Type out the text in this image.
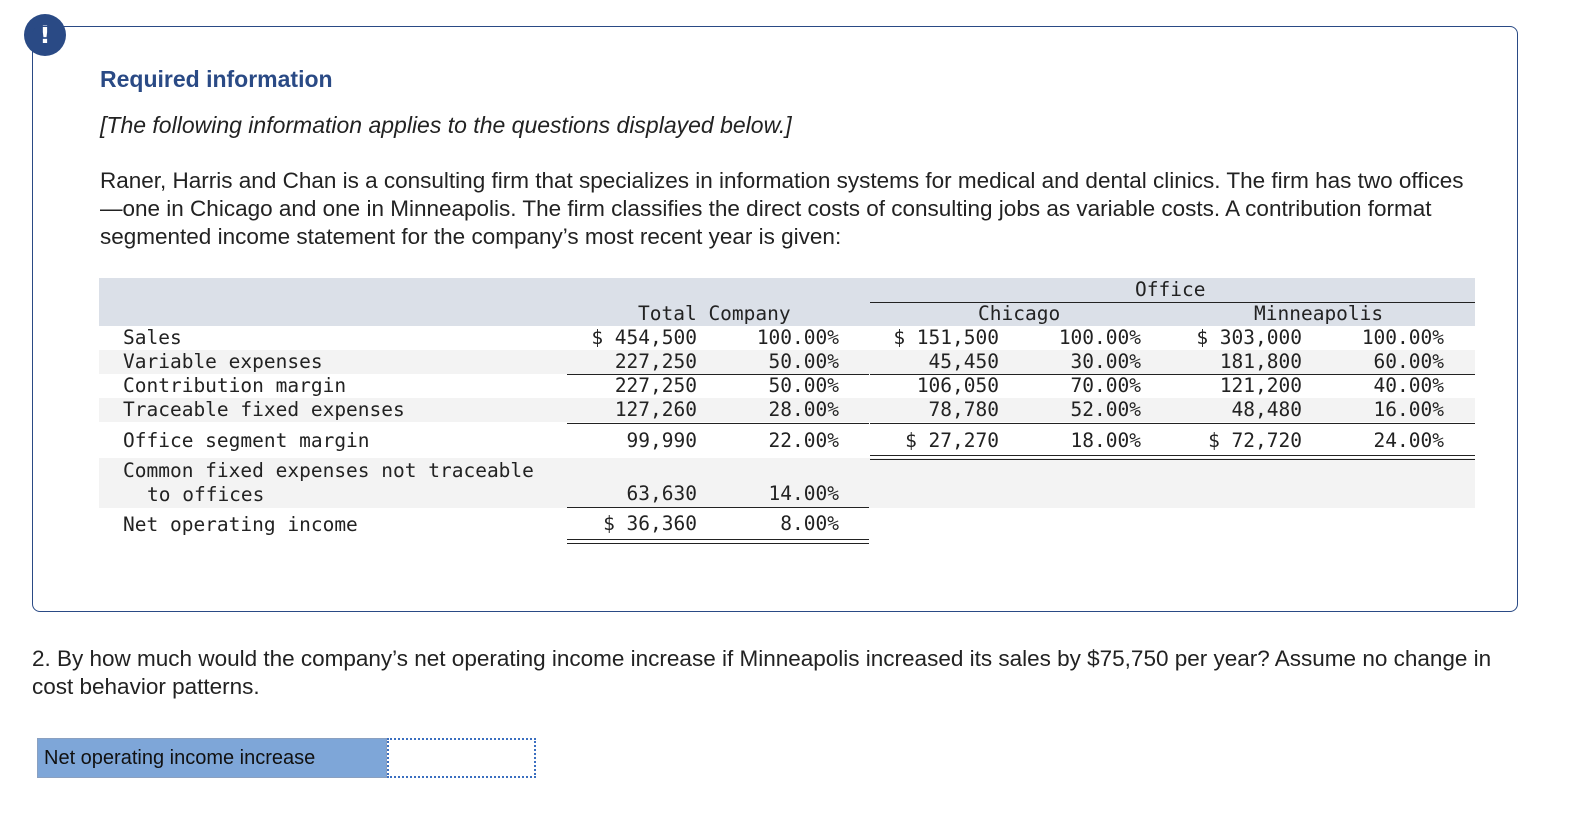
!
Required information
[The following information applies to the questions displayed below.]
Raner, Harris and Chan is a consulting firm that specializes in information systems for medical and dental clinics. The firm has two offices—one in Chicago and one in Minneapolis. The firm classifies the direct costs of consulting jobs as variable costs. A contribution format segmented income statement for the company’s most recent year is given:
Office
Total Company	Chicago	Minneapolis
Sales	$ 454,500	100.00%	$ 151,500	100.00%	$ 303,000	100.00%
Variable expenses	227,250	50.00%	45,450	30.00%	181,800	60.00%
Contribution margin	227,250	50.00%	106,050	70.00%	121,200	40.00%
Traceable fixed expenses	127,260	28.00%	78,780	52.00%	48,480	16.00%
Office segment margin	99,990	22.00%	$ 27,270	18.00%	$ 72,720	24.00%
Common fixed expenses not traceable
to offices	63,630	14.00%
Net operating income	$ 36,360	8.00%
2. By how much would the company’s net operating income increase if Minneapolis increased its sales by $75,750 per year? Assume no change in cost behavior patterns.
Net operating income increase
